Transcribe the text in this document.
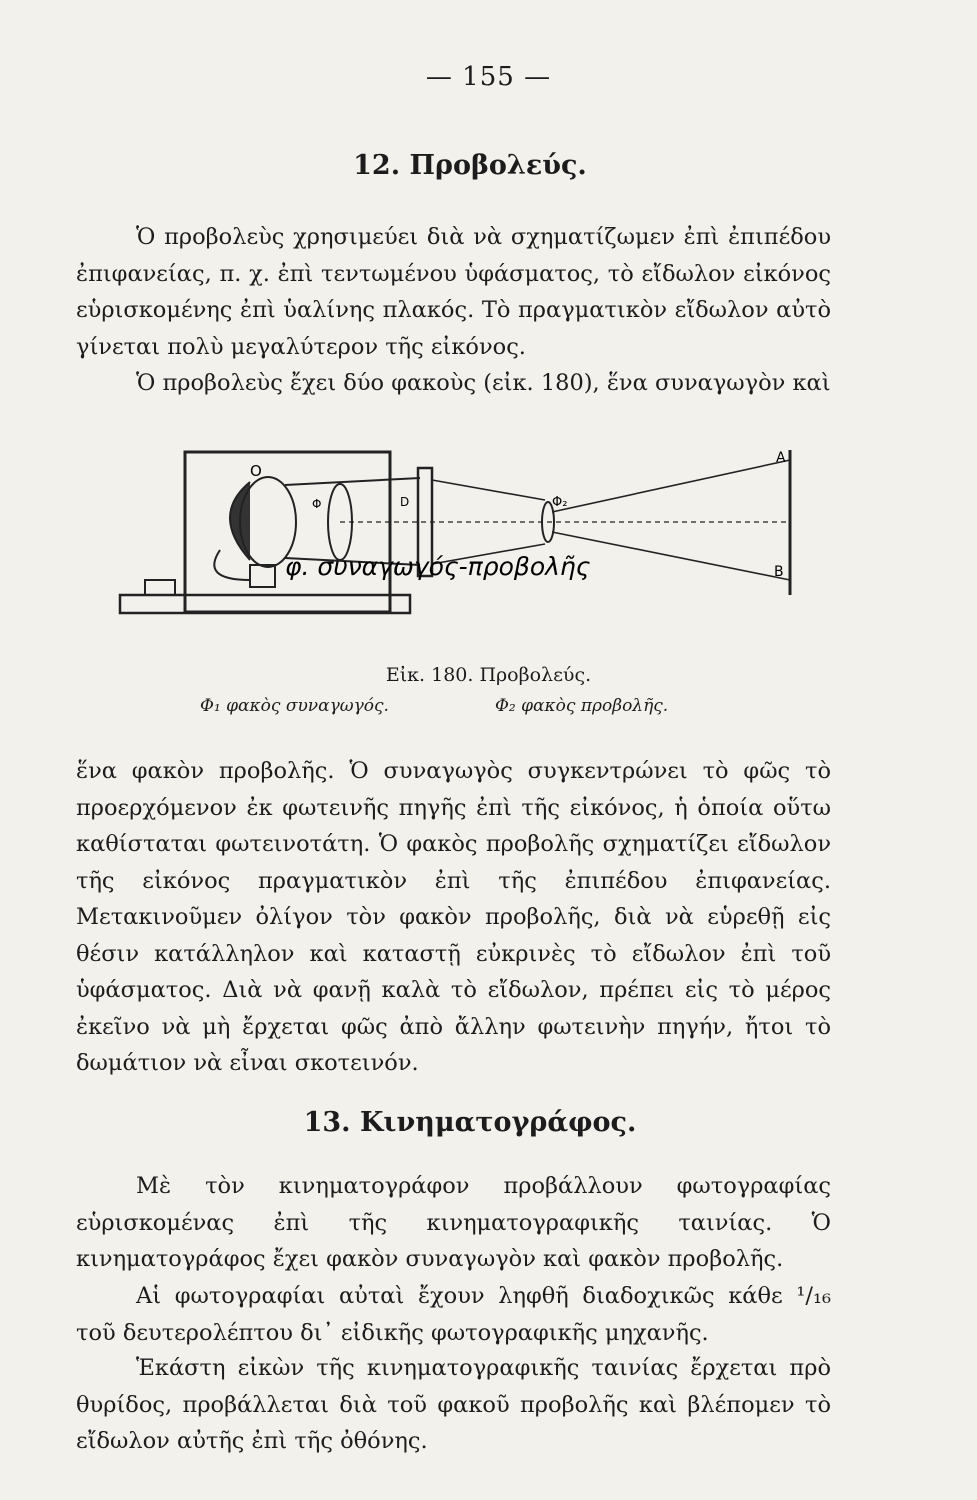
— 155 —
12. Προβολεύς.

Ὁ προβολεὺς χρησιμεύει διὰ νὰ σχηματίζωμεν ἐπὶ ἐπιπέδου ἐπιφανείας, π. χ. ἐπὶ τεντωμένου ὑφάσματος, τὸ εἴδωλον εἰκόνος εὑρισκομένης ἐπὶ ὑαλίνης πλακός. Τὸ πραγματικὸν εἴδωλον αὐτὸ γίνεται πολὺ μεγαλύτερον τῆς εἰκόνος.

Ὁ προβολεὺς ἔχει δύο φακοὺς (εἰκ. 180), ἕνα συναγωγὸν καὶ

O
Φ	D	Φ₂
A
B
φ. συναγωγός-προβολῆς
Εἰκ. 180. Προβολεύς.
Φ₁ φακὸς συναγωγός.	Φ₂ φακὸς προβολῆς.

ἕνα φακὸν προβολῆς. Ὁ συναγωγὸς συγκεντρώνει τὸ φῶς τὸ προερχόμενον ἐκ φωτεινῆς πηγῆς ἐπὶ τῆς εἰκόνος, ἡ ὁποία οὕτω καθίσταται φωτεινοτάτη. Ὁ φακὸς προβολῆς σχηματίζει εἴδωλον τῆς εἰκόνος πραγματικὸν ἐπὶ τῆς ἐπιπέδου ἐπιφανείας. Μετακινοῦμεν ὀλίγον τὸν φακὸν προβολῆς, διὰ νὰ εὑρεθῇ εἰς θέσιν κατάλληλον καὶ καταστῇ εὐκρινὲς τὸ εἴδωλον ἐπὶ τοῦ ὑφάσματος. Διὰ νὰ φανῇ καλὰ τὸ εἴδωλον, πρέπει εἰς τὸ μέρος ἐκεῖνο νὰ μὴ ἔρχεται φῶς ἀπὸ ἄλλην φωτεινὴν πηγήν, ἤτοι τὸ δωμάτιον νὰ εἶναι σκοτεινόν.

13. Κινηματογράφος.

Μὲ τὸν κινηματογράφον προβάλλουν φωτογραφίας εὑρισκομένας ἐπὶ τῆς κινηματογραφικῆς ταινίας. Ὁ κινηματογράφος ἔχει φακὸν συναγωγὸν καὶ φακὸν προβολῆς.

Αἱ φωτογραφίαι αὐταὶ ἔχουν ληφθῆ διαδοχικῶς κάθε ¹/₁₆ τοῦ δευτερολέπτου δι᾽ εἰδικῆς φωτογραφικῆς μηχανῆς.

Ἑκάστη εἰκὼν τῆς κινηματογραφικῆς ταινίας ἔρχεται πρὸ θυρίδος, προβάλλεται διὰ τοῦ φακοῦ προβολῆς καὶ βλέπομεν τὸ εἴδωλον αὐτῆς ἐπὶ τῆς ὀθόνης.
